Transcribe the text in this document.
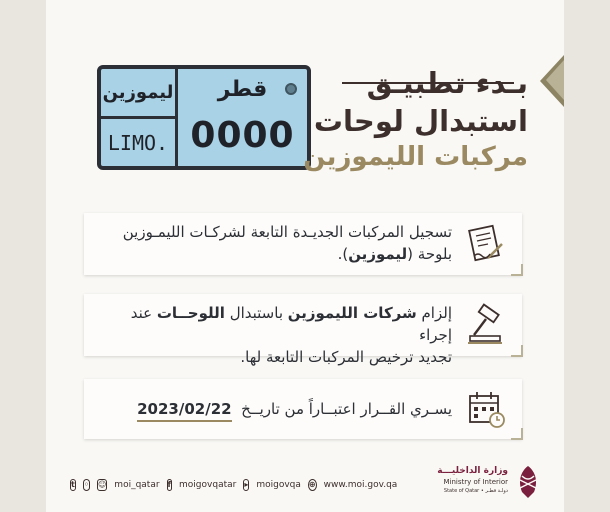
ليموزين
LIMO.
قطر
0000
بـدء تطبيـق
استبدال لوحات
مركبات الليموزين
تسجيل المركبات الجديـدة التابعة لشركـات الليمـوزين
بلوحة (ليموزين).
إلزام شركات الليموزين باستبدال اللوحــات عند إجراء
تجديد ترخيص المركبات التابعة لها.
يسـري القــرار اعتبــاراً من تاريــخ  2023/02/22
t ◦ ☺ moi_qatar f moigovqatar ▸ moigovqa ⊕ www.moi.gov.qa
وزارة الداخليـــة
Ministry of Interior
State of Qatar • دولـة قطـر
